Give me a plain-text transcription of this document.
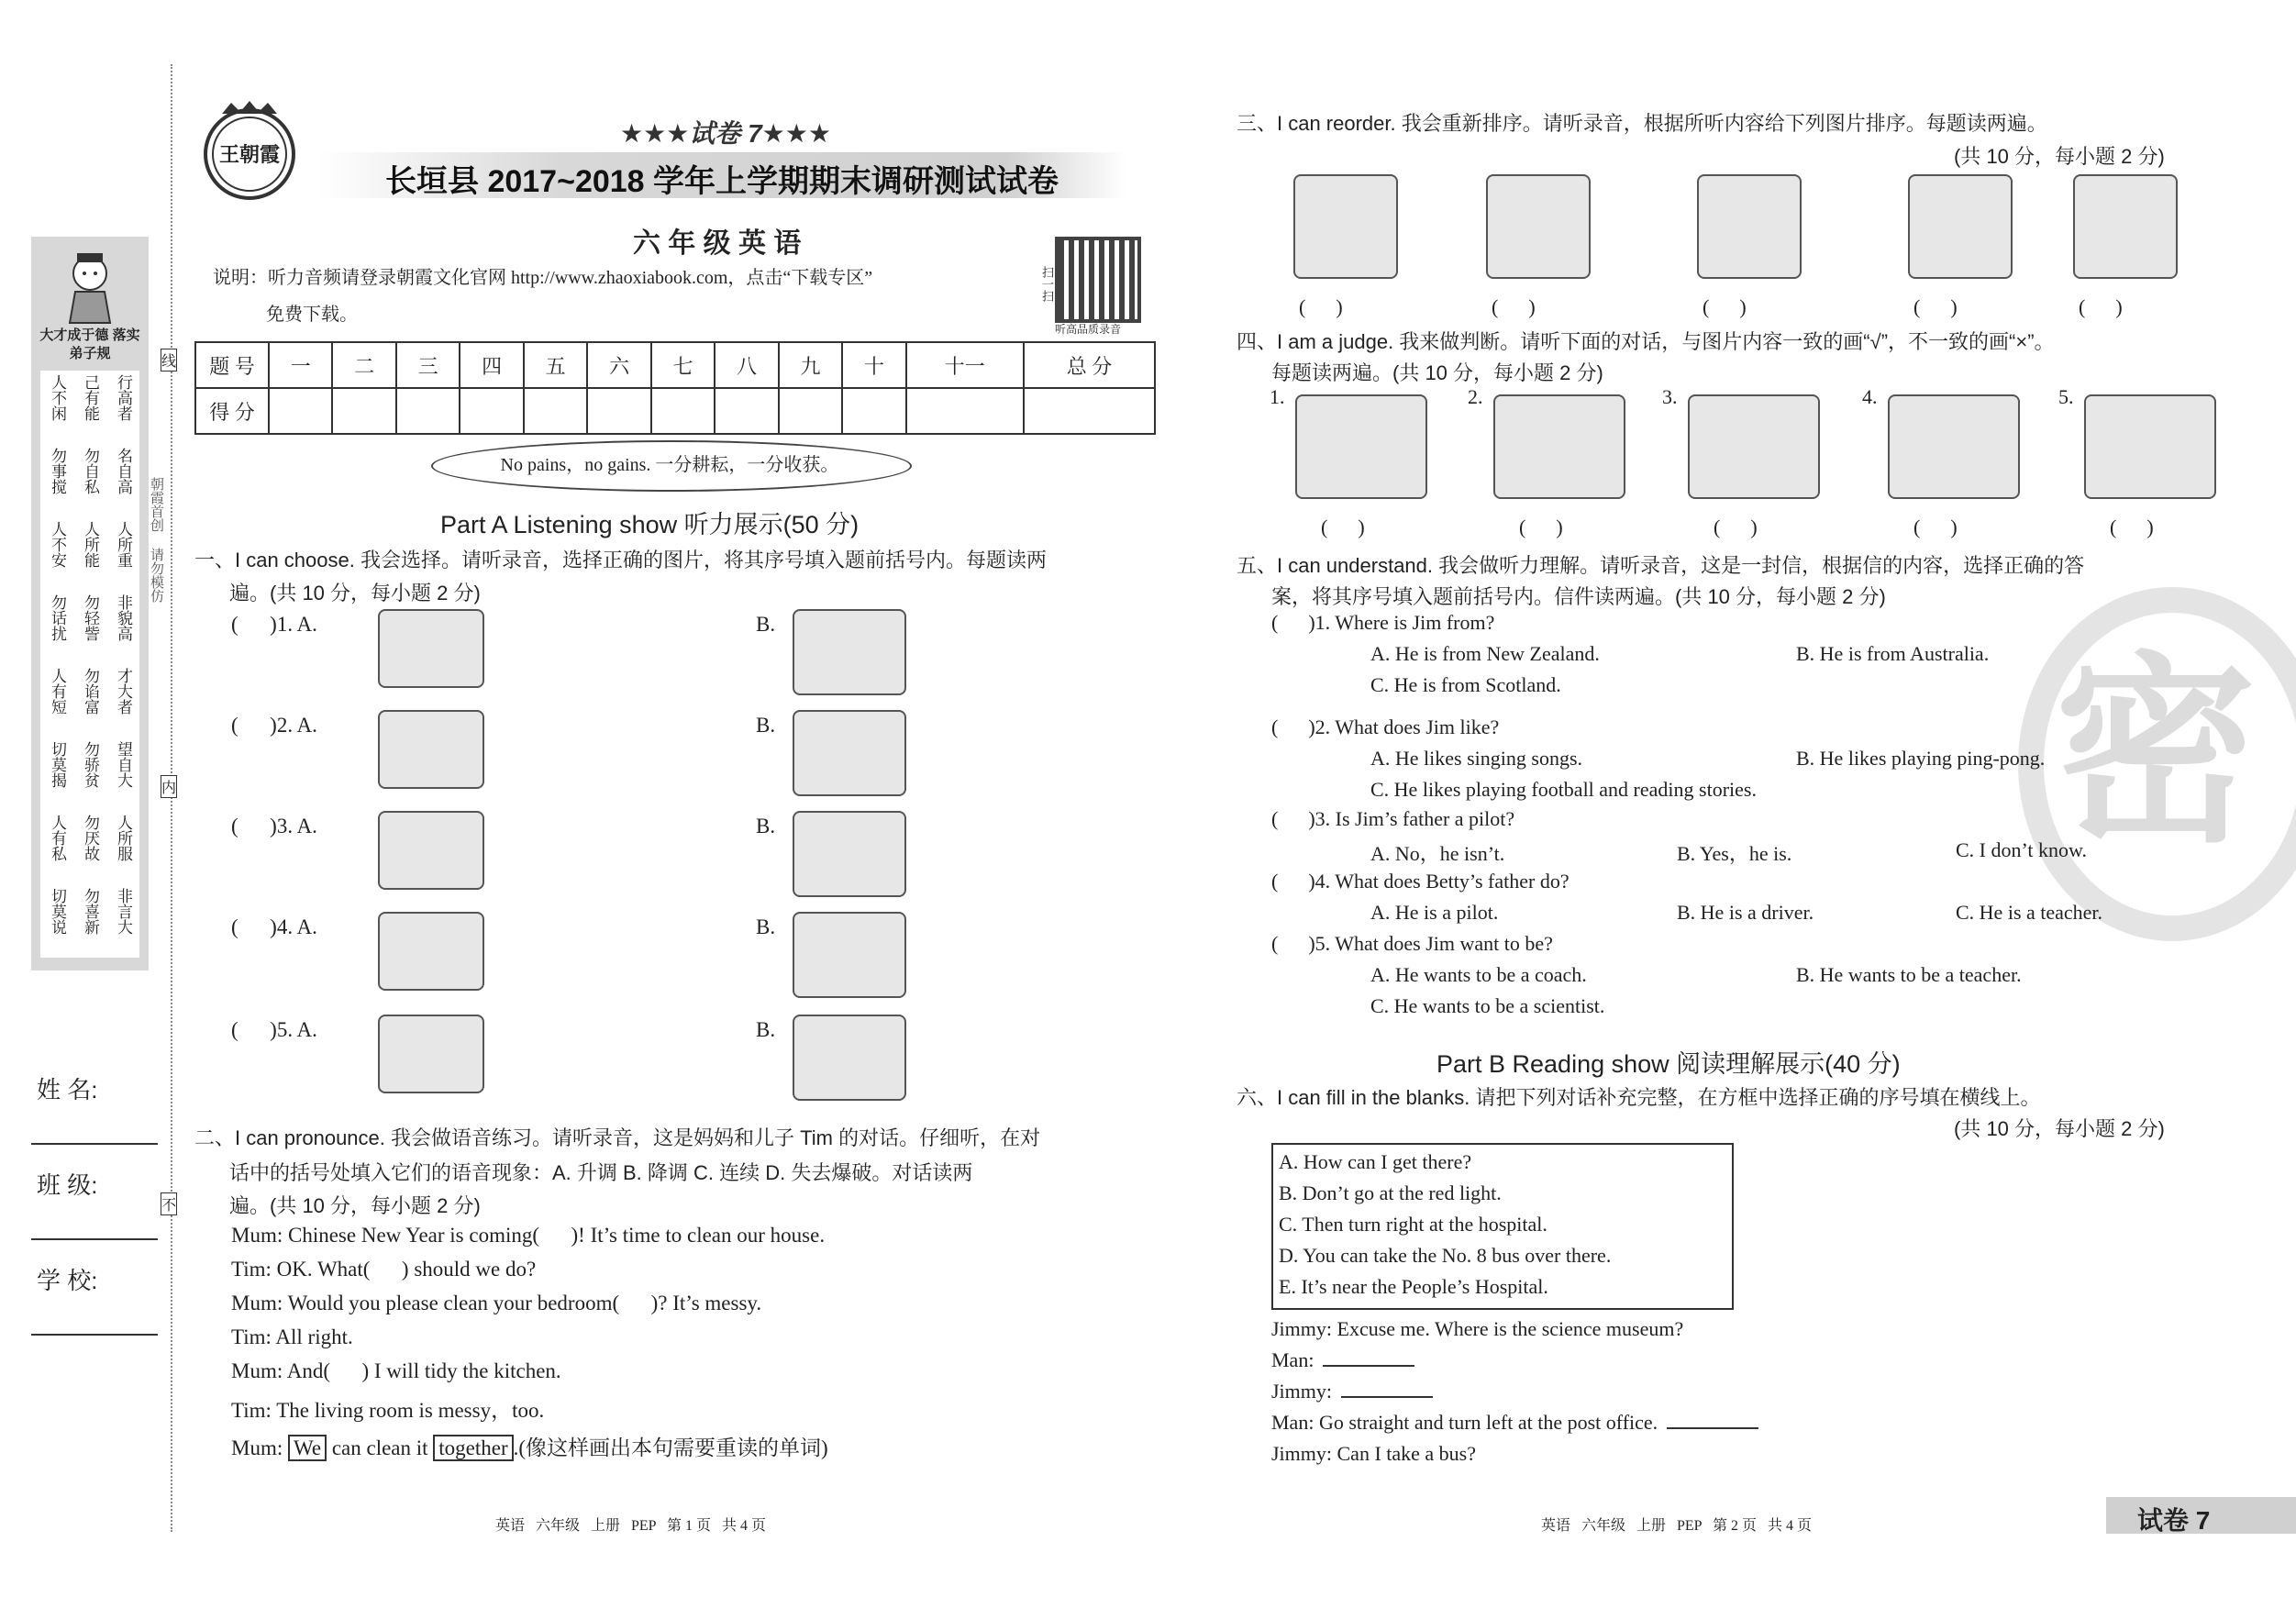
大才成于德 落实弟子规
人不闲	己有能	行高者
勿事搅	勿自私	名自高
人不安	人所能	人所重
勿话扰	勿轻訾	非貌高
人有短	勿谄富	才大者
切莫揭	勿骄贫	望自大
人有私	勿厌故	人所服
切莫说	勿喜新	非言大
姓 名:
班 级:
学 校:
线
内
不
朝霞首创 请勿模仿
王朝霞
★★★试卷 7★★★
长垣县 2017~2018 学年上学期期末调研测试试卷
六 年 级 英 语
说明：听力音频请登录朝霞文化官网 http://www.zhaoxiabook.com，点击“下载专区”
免费下载。
扫一扫
听高品质录音
题 号	一	二	三	四	五	六	七	八	九	十	十一	总 分
得 分												
No pains，no gains. 一分耕耘，一分收获。
Part A Listening show 听力展示(50 分)
一、I can choose. 我会选择。请听录音，选择正确的图片，将其序号填入题前括号内。每题读两
遍。(共 10 分，每小题 2 分)
(      )1. A.	B.
(      )2. A.	B.
(      )3. A.	B.
(      )4. A.	B.
(      )5. A.	B.
二、I can pronounce. 我会做语音练习。请听录音，这是妈妈和儿子 Tim 的对话。仔细听，在对
话中的括号处填入它们的语音现象：A. 升调 B. 降调 C. 连续 D. 失去爆破。对话读两
遍。(共 10 分，每小题 2 分)
Mum: Chinese New Year is coming(      )! It’s time to clean our house.
Tim: OK. What(      ) should we do?
Mum: Would you please clean your bedroom(      )? It’s messy.
Tim: All right.
Mum: And(      ) I will tidy the kitchen.
Tim: The living room is messy，too.
Mum: We can clean it together .(像这样画出本句需要重读的单词)
英语   六年级   上册   PEP   第 1 页   共 4 页
密
三、I can reorder. 我会重新排序。请听录音，根据所听内容给下列图片排序。每题读两遍。
(共 10 分，每小题 2 分)
(      )	(      )	(      )	(      )	(      )
四、I am a judge. 我来做判断。请听下面的对话，与图片内容一致的画“√”，不一致的画“×”。
每题读两遍。(共 10 分，每小题 2 分)
1.
(      )
2.
(      )
3.
(      )
4.
(      )
5.
(      )
五、I can understand. 我会做听力理解。请听录音，这是一封信，根据信的内容，选择正确的答
案，将其序号填入题前括号内。信件读两遍。(共 10 分，每小题 2 分)
(      )1. Where is Jim from?
A. He is from New Zealand.	B. He is from Australia.
C. He is from Scotland.
(      )2. What does Jim like?
A. He likes singing songs.	B. He likes playing ping-pong.
C. He likes playing football and reading stories.
(      )3. Is Jim’s father a pilot?
A. No，he isn’t.	B. Yes，he is.	C. I don’t know.
(      )4. What does Betty’s father do?
A. He is a pilot.	B. He is a driver.	C. He is a teacher.
(      )5. What does Jim want to be?
A. He wants to be a coach.	B. He wants to be a teacher.
C. He wants to be a scientist.
Part B Reading show 阅读理解展示(40 分)
六、I can fill in the blanks. 请把下列对话补充完整，在方框中选择正确的序号填在横线上。
(共 10 分，每小题 2 分)
A. How can I get there?
B. Don’t go at the red light.
C. Then turn right at the hospital.
D. You can take the No. 8 bus over there.
E. It’s near the People’s Hospital.
Jimmy: Excuse me. Where is the science museum?
Man:
Jimmy:
Man: Go straight and turn left at the post office.
Jimmy: Can I take a bus?
英语   六年级   上册   PEP   第 2 页   共 4 页	试卷 7
